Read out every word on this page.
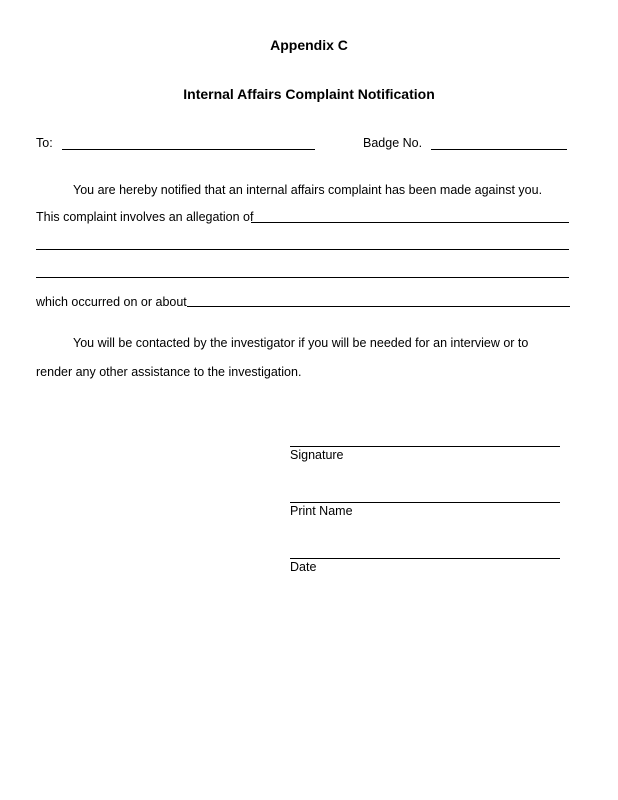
Appendix C
Internal Affairs Complaint Notification
To:	Badge No.
You are hereby notified that an internal affairs complaint has been made against you.
This complaint involves an allegation of
which occurred on or about
You will be contacted by the investigator if you will be needed for an interview or to
render any other assistance to the investigation.
Signature
Print Name
Date
